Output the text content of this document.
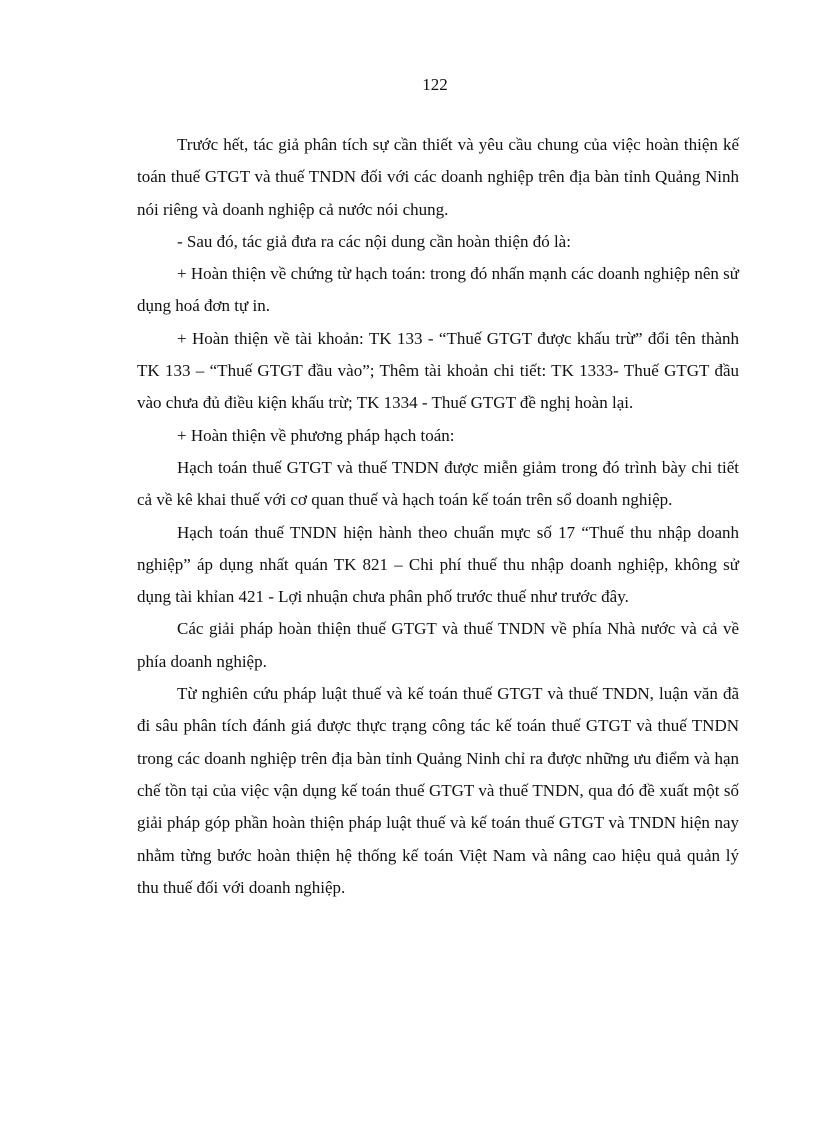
122

Trước hết, tác giả phân tích sự cần thiết và yêu cầu chung của việc hoàn thiện kế toán thuế GTGT và thuế TNDN đối với các doanh nghiệp trên địa bàn tỉnh Quảng Ninh nói riêng và doanh nghiệp cả nước nói chung.

- Sau đó, tác giả đưa ra các nội dung cần hoàn thiện đó là:

+ Hoàn thiện về chứng từ hạch toán: trong đó nhấn mạnh các doanh nghiệp nên sử dụng hoá đơn tự in.

+ Hoàn thiện về tài khoản: TK 133 - “Thuế GTGT được khấu trừ” đổi tên thành TK 133 – “Thuế GTGT đầu vào”; Thêm tài khoản chi tiết: TK 1333- Thuế GTGT đầu vào chưa đủ điều kiện khấu trừ; TK 1334 - Thuế GTGT đề nghị hoàn lại.

+ Hoàn thiện về phương pháp hạch toán:

Hạch toán thuế GTGT và thuế TNDN được miễn giảm trong đó trình bày chi tiết cả về kê khai thuế với cơ quan thuế và hạch toán kế toán trên sổ doanh nghiệp.

Hạch toán thuế TNDN hiện hành theo chuẩn mực số 17 “Thuế thu nhập doanh nghiệp” áp dụng nhất quán TK 821 – Chi phí thuế thu nhập doanh nghiệp, không sử dụng tài khỉan 421 - Lợi nhuận chưa phân phố trước thuế như trước đây.

Các giải pháp hoàn thiện thuế GTGT và thuế TNDN về phía Nhà nước và cả về phía doanh nghiệp.

Từ nghiên cứu pháp luật thuế và kế toán thuế GTGT và thuế TNDN, luận văn đã đi sâu phân tích đánh giá được thực trạng công tác kế toán thuế GTGT và thuế TNDN trong các doanh nghiệp trên địa bàn tỉnh Quảng Ninh chỉ ra được những ưu điểm và hạn chế tồn tại của việc vận dụng kế toán thuế GTGT và thuế TNDN, qua đó đề xuất một số giải pháp góp phần hoàn thiện pháp luật thuế và kế toán thuế GTGT và TNDN hiện nay nhằm từng bước hoàn thiện hệ thống kế toán Việt Nam và nâng cao hiệu quả quản lý thu thuế đối với doanh nghiệp.
